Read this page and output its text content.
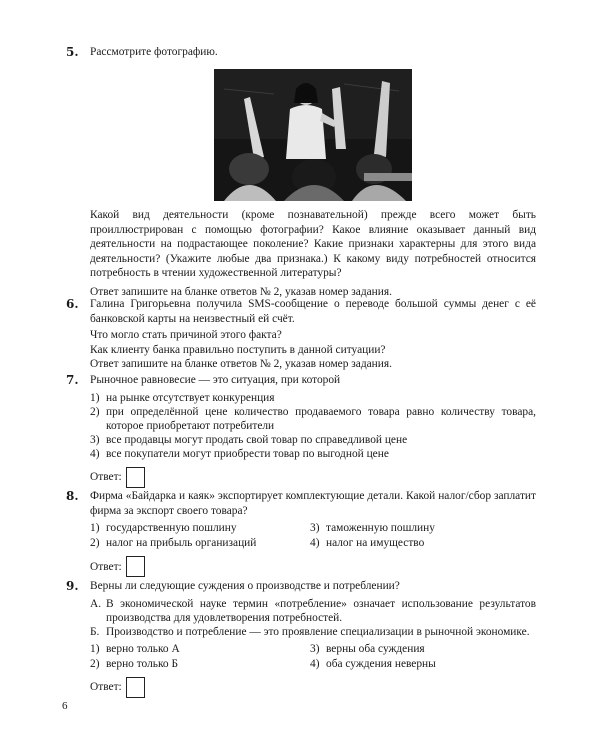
5. Рассмотрите фотографию.

Какой вид деятельности (кроме познавательной) прежде всего может быть проиллюстрирован с помощью фотографии? Какое влияние оказывает данный вид деятельности на подрастающее поколение? Какие признаки характерны для этого вида деятельности? (Укажите любые два признака.) К какому виду потребностей относится потребность в чтении художественной литературы?

Ответ запишите на бланке ответов № 2, указав номер задания.

6. Галина Григорьевна получила SMS-сообщение о переводе большой суммы денег с её банковской карты на неизвестный ей счёт.

Что могло стать причиной этого факта?

Как клиенту банка правильно поступить в данной ситуации?

Ответ запишите на бланке ответов № 2, указав номер задания.

7. Рыночное равновесие — это ситуация, при которой

1) на рынке отсутствует конкуренция
2) при определённой цене количество продаваемого товара равно количеству товара, которое приобретают потребители
3) все продавцы могут продать свой товар по справедливой цене
4) все покупатели могут приобрести товар по выгодной цене
Ответ:
8. Фирма «Байдарка и каяк» экспортирует комплектующие детали. Какой налог/сбор заплатит фирма за экспорт своего товара?

1) государственную пошлину	3) таможенную пошлину
2) налог на прибыль организаций	4) налог на имущество
Ответ:
9. Верны ли следующие суждения о производстве и потреблении?

А. В экономической науке термин «потребление» означает использование результатов производства для удовлетворения потребностей.
Б. Производство и потребление — это проявление специализации в рыночной экономике.
1) верно только А	3) верны оба суждения
2) верно только Б	4) оба суждения неверны
Ответ:
6
